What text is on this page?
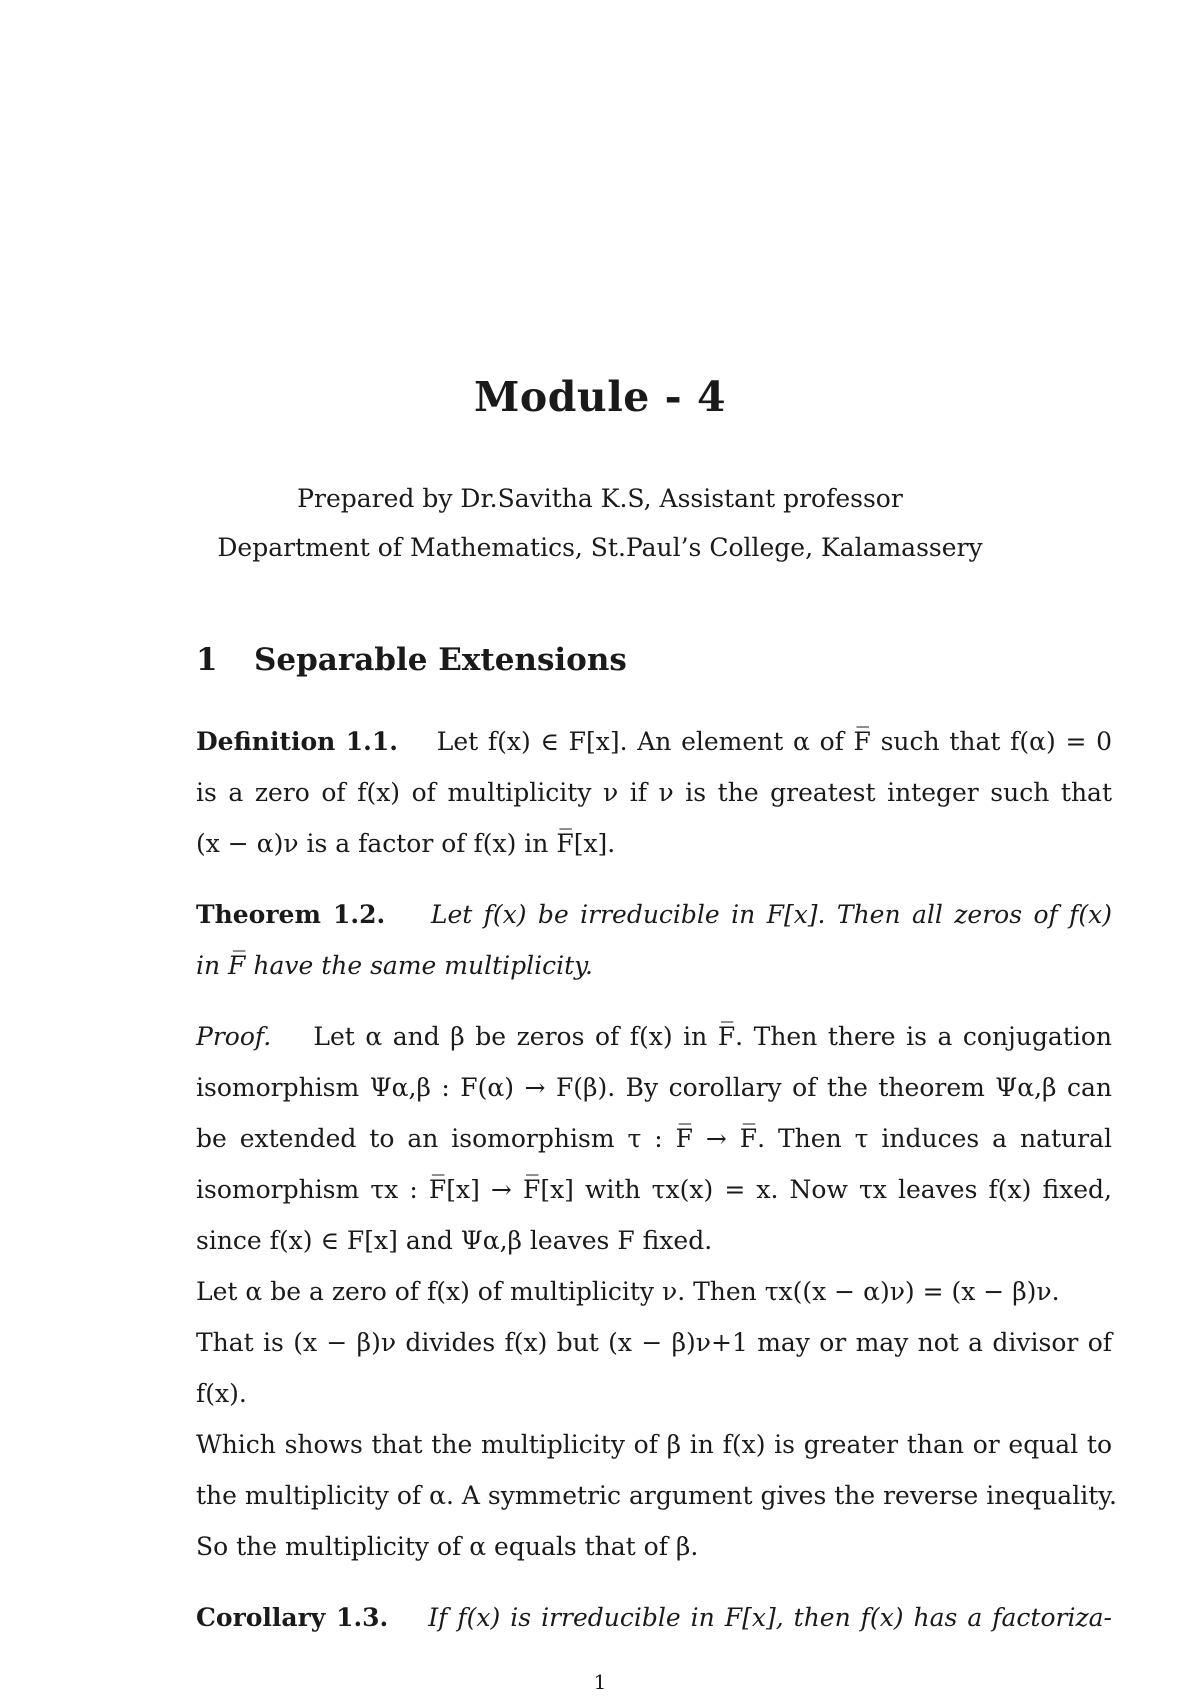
Module - 4
Prepared by Dr.Savitha K.S, Assistant professor
Department of Mathematics, St.Paul’s College, Kalamassery
1 Separable Extensions
Definition 1.1. Let f(x) ∈ F[x]. An element α of F̅ such that f(α) = 0
is a zero of f(x) of multiplicity ν if ν is the greatest integer such that
(x − α)ν is a factor of f(x) in F̅[x].
Theorem 1.2. Let f(x) be irreducible in F[x]. Then all zeros of f(x)
in F̅ have the same multiplicity.
Proof. Let α and β be zeros of f(x) in F̅. Then there is a conjugation
isomorphism Ψα,β : F(α) → F(β). By corollary of the theorem Ψα,β can
be extended to an isomorphism τ : F̅ → F̅. Then τ induces a natural
isomorphism τx : F̅[x] → F̅[x] with τx(x) = x. Now τx leaves f(x) fixed,
since f(x) ∈ F[x] and Ψα,β leaves F fixed.
Let α be a zero of f(x) of multiplicity ν. Then τx((x − α)ν) = (x − β)ν.
That is (x − β)ν divides f(x) but (x − β)ν+1 may or may not a divisor of
f(x).
Which shows that the multiplicity of β in f(x) is greater than or equal to
the multiplicity of α. A symmetric argument gives the reverse inequality.
So the multiplicity of α equals that of β.
Corollary 1.3. If f(x) is irreducible in F[x], then f(x) has a factoriza-
1
